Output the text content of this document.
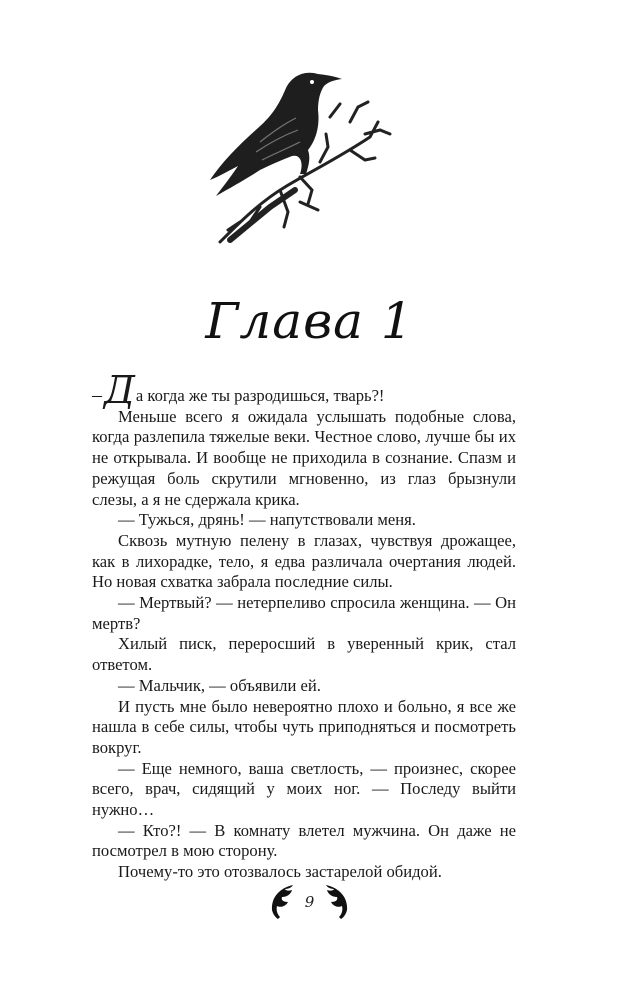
Глава 1

–Да когда же ты разродишься, тварь?!

Меньше всего я ожидала услышать подобные слова, когда разлепила тяжелые веки. Честное слово, лучше бы их не открывала. И вообще не приходила в сознание. Спазм и режущая боль скрутили мгновенно, из глаз брызнули слезы, а я не сдержала крика.

— Тужься, дрянь! — напутствовали меня.

Сквозь мутную пелену в глазах, чувствуя дрожащее, как в лихорадке, тело, я едва различала очертания людей. Но новая схватка забрала последние силы.

— Мертвый? — нетерпеливо спросила женщина. — Он мертв?

Хилый писк, переросший в уверенный крик, стал ответом.

— Мальчик, — объявили ей.

И пусть мне было невероятно плохо и больно, я все же нашла в себе силы, чтобы чуть приподняться и посмотреть вокруг.

— Еще немного, ваша светлость, — произнес, скорее всего, врач, сидящий у моих ног. — Последу выйти нужно…

— Кто?! — В комнату влетел мужчина. Он даже не посмотрел в мою сторону.

Почему-то это отозвалось застарелой обидой.

9
